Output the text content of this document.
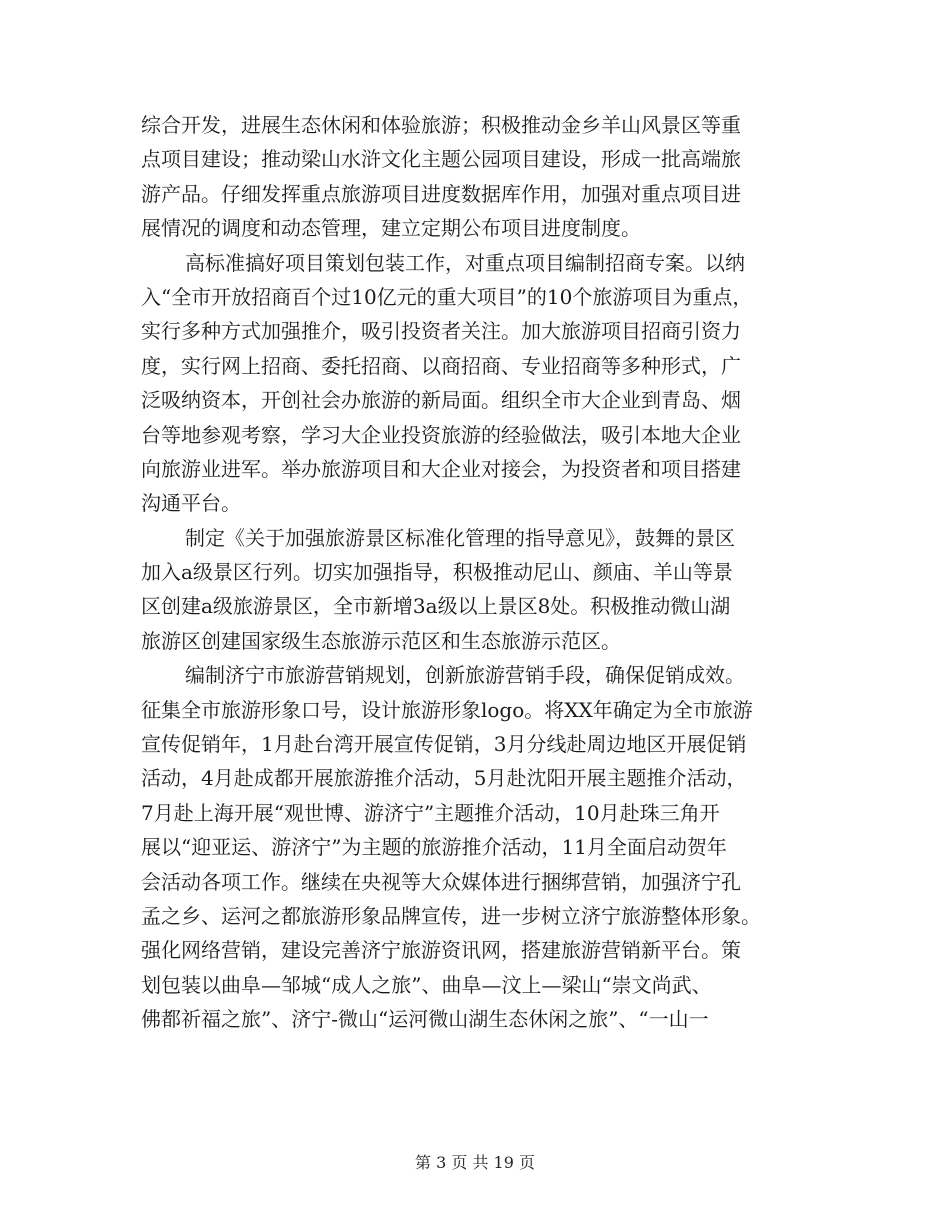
综合开发，进展生态休闲和体验旅游；积极推动金乡羊山风景区等重
点项目建设；推动梁山水浒文化主题公园项目建设，形成一批高端旅
游产品。仔细发挥重点旅游项目进度数据库作用，加强对重点项目进
展情况的调度和动态管理，建立定期公布项目进度制度。
高标准搞好项目策划包装工作，对重点项目编制招商专案。以纳
入“全市开放招商百个过10亿元的重大项目”的10个旅游项目为重点，
实行多种方式加强推介，吸引投资者关注。加大旅游项目招商引资力
度，实行网上招商、委托招商、以商招商、专业招商等多种形式，广
泛吸纳资本，开创社会办旅游的新局面。组织全市大企业到青岛、烟
台等地参观考察，学习大企业投资旅游的经验做法，吸引本地大企业
向旅游业进军。举办旅游项目和大企业对接会，为投资者和项目搭建
沟通平台。
制定《关于加强旅游景区标准化管理的指导意见》，鼓舞的景区
加入a级景区行列。切实加强指导，积极推动尼山、颜庙、羊山等景
区创建a级旅游景区，全市新增3a级以上景区8处。积极推动微山湖
旅游区创建国家级生态旅游示范区和生态旅游示范区。
编制济宁市旅游营销规划，创新旅游营销手段，确保促销成效。
征集全市旅游形象口号，设计旅游形象logo。将XX年确定为全市旅游
宣传促销年，1月赴台湾开展宣传促销，3月分线赴周边地区开展促销
活动，4月赴成都开展旅游推介活动，5月赴沈阳开展主题推介活动，
7月赴上海开展“观世博、游济宁”主题推介活动，10月赴珠三角开
展以“迎亚运、游济宁”为主题的旅游推介活动，11月全面启动贺年
会活动各项工作。继续在央视等大众媒体进行捆绑营销，加强济宁孔
孟之乡、运河之都旅游形象品牌宣传，进一步树立济宁旅游整体形象。
强化网络营销，建设完善济宁旅游资讯网，搭建旅游营销新平台。策
划包装以曲阜—邹城“成人之旅”、曲阜—汶上—梁山“崇文尚武、
佛都祈福之旅”、济宁-微山“运河微山湖生态休闲之旅”、“一山一
第 3 页 共 19 页
